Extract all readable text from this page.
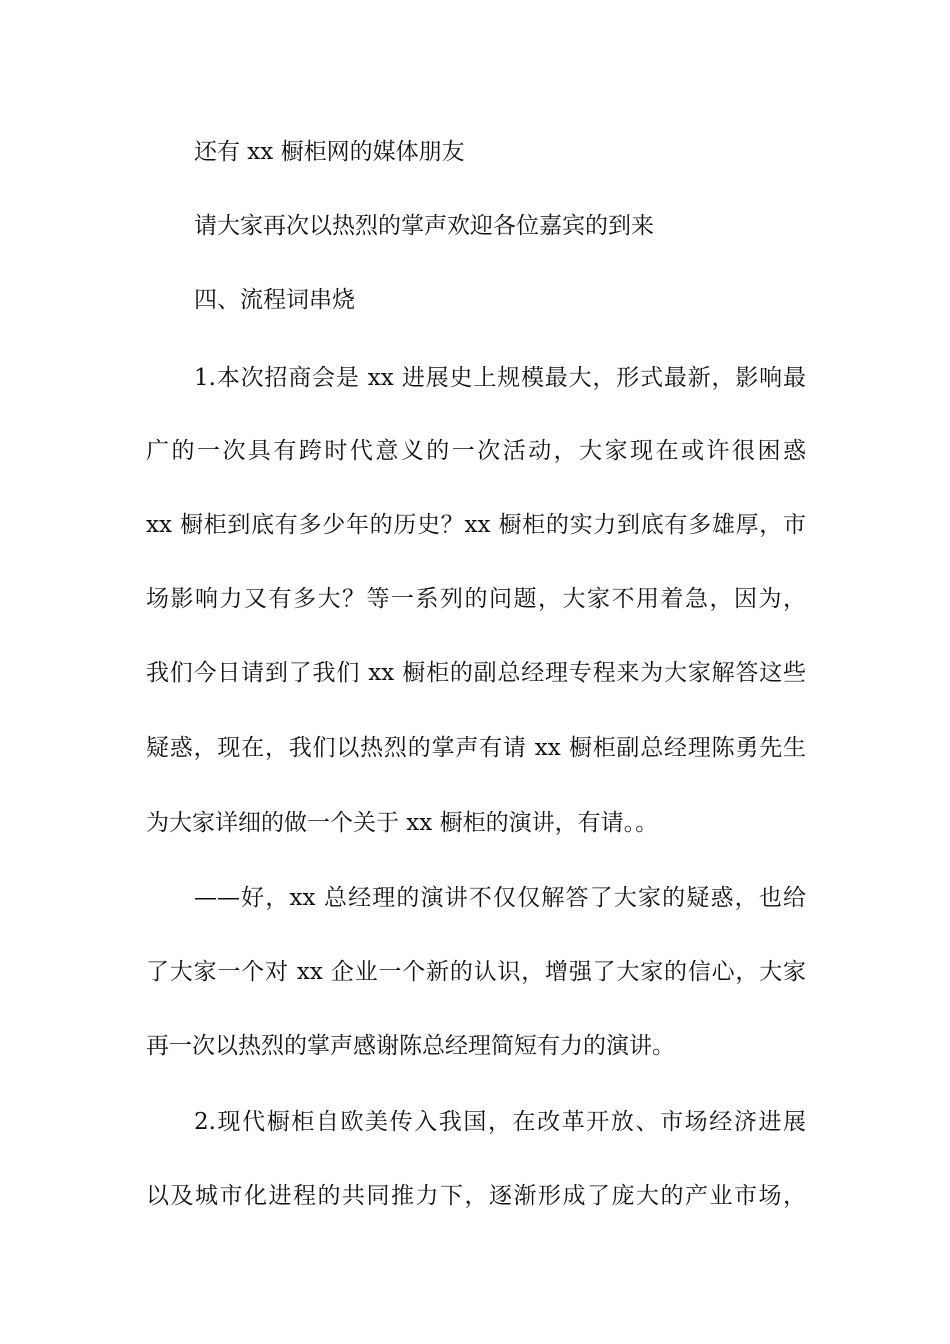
还有 xx 橱柜网的媒体朋友
请大家再次以热烈的掌声欢迎各位嘉宾的到来
四、流程词串烧
1.本次招商会是 xx 进展史上规模最大，形式最新，影响最
广的一次具有跨时代意义的一次活动，大家现在或许很困惑
xx 橱柜到底有多少年的历史？xx 橱柜的实力到底有多雄厚，市
场影响力又有多大？等一系列的问题，大家不用着急，因为，
我们今日请到了我们 xx 橱柜的副总经理专程来为大家解答这些
疑惑，现在，我们以热烈的掌声有请 xx 橱柜副总经理陈勇先生
为大家详细的做一个关于 xx 橱柜的演讲，有请。。
——好，xx 总经理的演讲不仅仅解答了大家的疑惑，也给
了大家一个对 xx 企业一个新的认识，增强了大家的信心，大家
再一次以热烈的掌声感谢陈总经理简短有力的演讲。
2.现代橱柜自欧美传入我国，在改革开放、市场经济进展
以及城市化进程的共同推力下，逐渐形成了庞大的产业市场，
